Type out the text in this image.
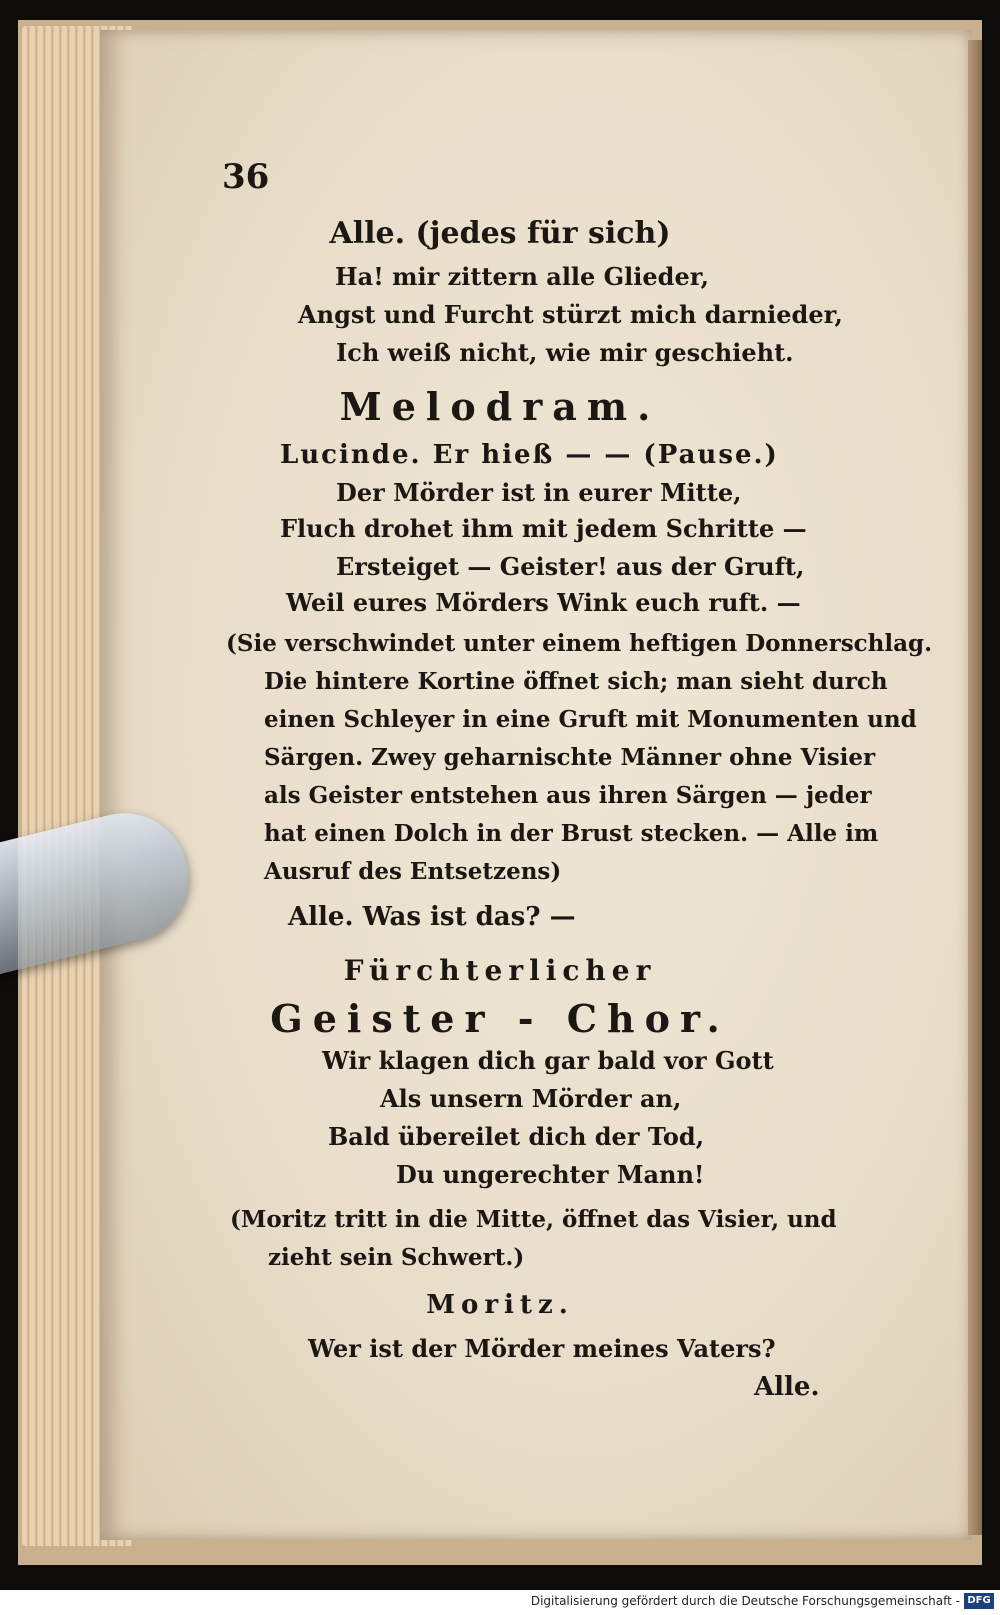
36
Alle. (jedes für sich)
Ha! mir zittern alle Glieder,
Angst und Furcht stürzt mich darnieder,
Ich weiß nicht, wie mir geschieht.
Melodram.
Lucinde. Er hieß — — (Pause.)
Der Mörder ist in eurer Mitte,
Fluch drohet ihm mit jedem Schritte —
Ersteiget — Geister! aus der Gruft,
Weil eures Mörders Wink euch ruft. —
(Sie verschwindet unter einem heftigen Donnerschlag.
Die hintere Kortine öffnet sich; man sieht durch
einen Schleyer in eine Gruft mit Monumenten und
Särgen. Zwey geharnischte Männer ohne Visier
als Geister entstehen aus ihren Särgen — jeder
hat einen Dolch in der Brust stecken. — Alle im
Ausruf des Entsetzens)
Alle. Was ist das? —
Fürchterlicher
Geister - Chor.
Wir klagen dich gar bald vor Gott
Als unsern Mörder an,
Bald übereilet dich der Tod,
Du ungerechter Mann!
(Moritz tritt in die Mitte, öffnet das Visier, und
zieht sein Schwert.)
Moritz.
Wer ist der Mörder meines Vaters?
Alle.
Digitalisierung gefördert durch die Deutsche Forschungsgemeinschaft - DFG
